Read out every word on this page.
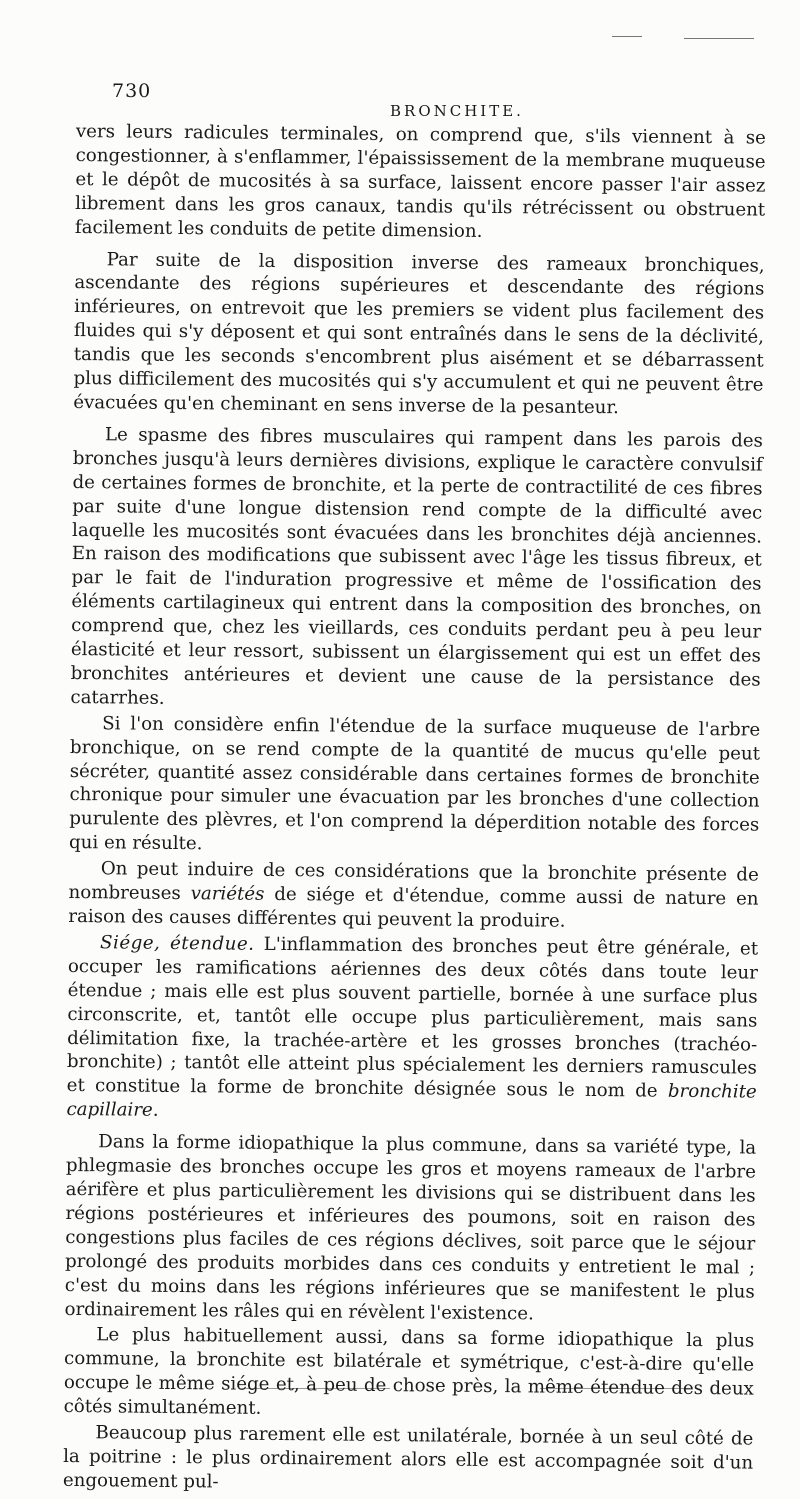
730
BRONCHITE.

vers leurs radicules terminales, on comprend que, s'ils viennent à se congestionner, à s'enflammer, l'épaississement de la membrane muqueuse et le dépôt de mucosités à sa surface, laissent encore passer l'air assez librement dans les gros canaux, tandis qu'ils rétrécissent ou obstruent facilement les conduits de petite dimension.

Par suite de la disposition inverse des rameaux bronchiques, ascendante des régions supérieures et descendante des régions inférieures, on entrevoit que les premiers se vident plus facilement des fluides qui s'y déposent et qui sont entraînés dans le sens de la déclivité, tandis que les seconds s'encombrent plus aisément et se débarrassent plus difficilement des mucosités qui s'y accumulent et qui ne peuvent être évacuées qu'en cheminant en sens inverse de la pesanteur.

Le spasme des fibres musculaires qui rampent dans les parois des bronches jusqu'à leurs dernières divisions, explique le caractère convulsif de certaines formes de bronchite, et la perte de contractilité de ces fibres par suite d'une longue distension rend compte de la difficulté avec laquelle les mucosités sont évacuées dans les bronchites déjà anciennes. En raison des modifications que subissent avec l'âge les tissus fibreux, et par le fait de l'induration progressive et même de l'ossification des éléments cartilagineux qui entrent dans la composition des bronches, on comprend que, chez les vieillards, ces conduits perdant peu à peu leur élasticité et leur ressort, subissent un élargissement qui est un effet des bronchites antérieures et devient une cause de la persistance des catarrhes.

Si l'on considère enfin l'étendue de la surface muqueuse de l'arbre bronchique, on se rend compte de la quantité de mucus qu'elle peut sécréter, quantité assez considérable dans certaines formes de bronchite chronique pour simuler une évacuation par les bronches d'une collection purulente des plèvres, et l'on comprend la déperdition notable des forces qui en résulte.

On peut induire de ces considérations que la bronchite présente de nombreuses variétés de siége et d'étendue, comme aussi de nature en raison des causes différentes qui peuvent la produire.

Siége, étendue. L'inflammation des bronches peut être générale, et occuper les ramifications aériennes des deux côtés dans toute leur étendue ; mais elle est plus souvent partielle, bornée à une surface plus circonscrite, et, tantôt elle occupe plus particulièrement, mais sans délimitation fixe, la trachée-artère et les grosses bronches (trachéo-bronchite) ; tantôt elle atteint plus spécialement les derniers ramuscules et constitue la forme de bronchite désignée sous le nom de bronchite capillaire.

Dans la forme idiopathique la plus commune, dans sa variété type, la phlegmasie des bronches occupe les gros et moyens rameaux de l'arbre aérifère et plus particulièrement les divisions qui se distribuent dans les régions postérieures et inférieures des poumons, soit en raison des congestions plus faciles de ces régions déclives, soit parce que le séjour prolongé des produits morbides dans ces conduits y entretient le mal ; c'est du moins dans les régions inférieures que se manifestent le plus ordinairement les râles qui en révèlent l'existence.

Le plus habituellement aussi, dans sa forme idiopathique la plus commune, la bronchite est bilatérale et symétrique, c'est-à-dire qu'elle occupe le même siége et, à peu de chose près, la même étendue des deux côtés simultanément.

Beaucoup plus rarement elle est unilatérale, bornée à un seul côté de la poitrine : le plus ordinairement alors elle est accompagnée soit d'un engouement pul-
